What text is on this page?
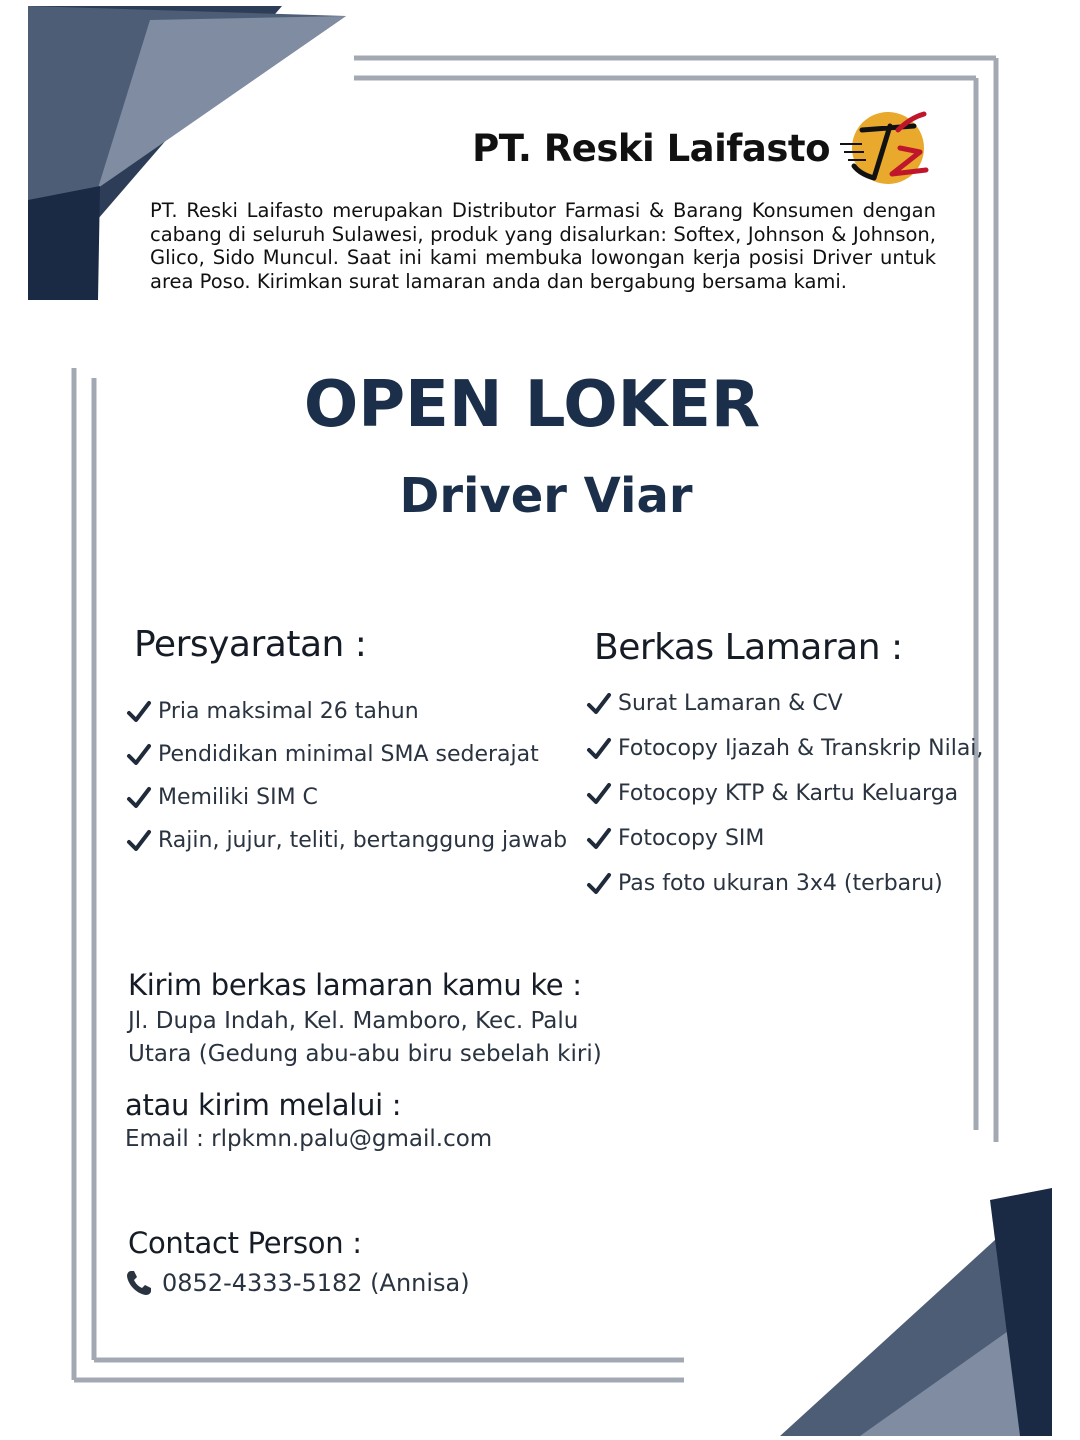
PT. Reski Laifasto
PT. Reski Laifasto merupakan Distributor Farmasi & Barang Konsumen dengan cabang di seluruh Sulawesi, produk yang disalurkan: Softex, Johnson & Johnson, Glico, Sido Muncul. Saat ini kami membuka lowongan kerja posisi Driver untuk area Poso. Kirimkan surat lamaran anda dan bergabung bersama kami.
OPEN LOKER
Driver Viar
Persyaratan :
Pria maksimal 26 tahun
Pendidikan minimal SMA sederajat
Memiliki SIM C
Rajin, jujur, teliti, bertanggung jawab
Berkas Lamaran :
Surat Lamaran & CV
Fotocopy Ijazah & Transkrip Nilai,
Fotocopy KTP & Kartu Keluarga
Fotocopy SIM
Pas foto ukuran 3x4 (terbaru)
Kirim berkas lamaran kamu ke :
Jl. Dupa Indah, Kel. Mamboro, Kec. Palu
Utara (Gedung abu-abu biru sebelah kiri)
atau kirim melalui :
Email : rlpkmn.palu@gmail.com
Contact Person :
0852-4333-5182 (Annisa)
